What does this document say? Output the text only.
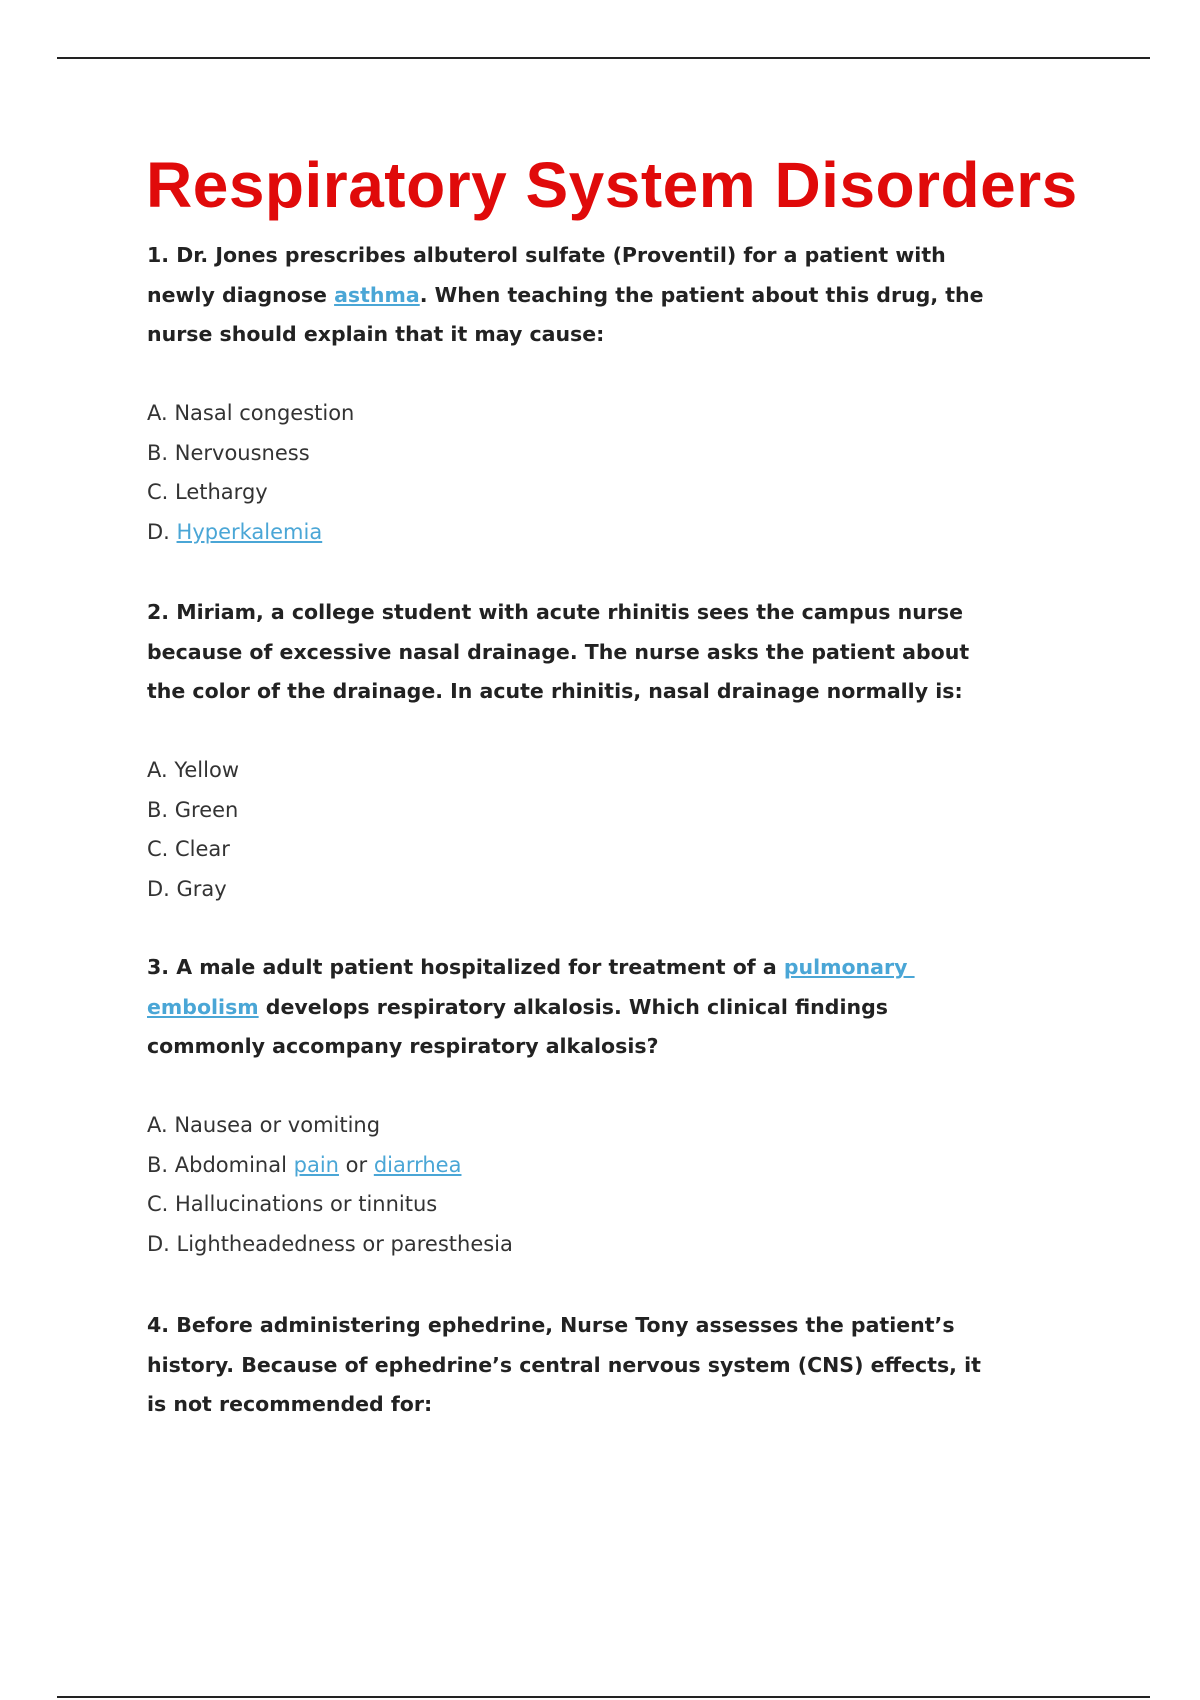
Respiratory System Disorders
1. Dr. Jones prescribes albuterol sulfate (Proventil) for a patient with
newly diagnose asthma. When teaching the patient about this drug, the
nurse should explain that it may cause:
A. Nasal congestion
B. Nervousness
C. Lethargy
D. Hyperkalemia
2. Miriam, a college student with acute rhinitis sees the campus nurse
because of excessive nasal drainage. The nurse asks the patient about
the color of the drainage. In acute rhinitis, nasal drainage normally is:
A. Yellow
B. Green
C. Clear
D. Gray
3. A male adult patient hospitalized for treatment of a pulmonary
embolism develops respiratory alkalosis. Which clinical findings
commonly accompany respiratory alkalosis?
A. Nausea or vomiting
B. Abdominal pain or diarrhea
C. Hallucinations or tinnitus
D. Lightheadedness or paresthesia
4. Before administering ephedrine, Nurse Tony assesses the patient’s
history. Because of ephedrine’s central nervous system (CNS) effects, it
is not recommended for:
